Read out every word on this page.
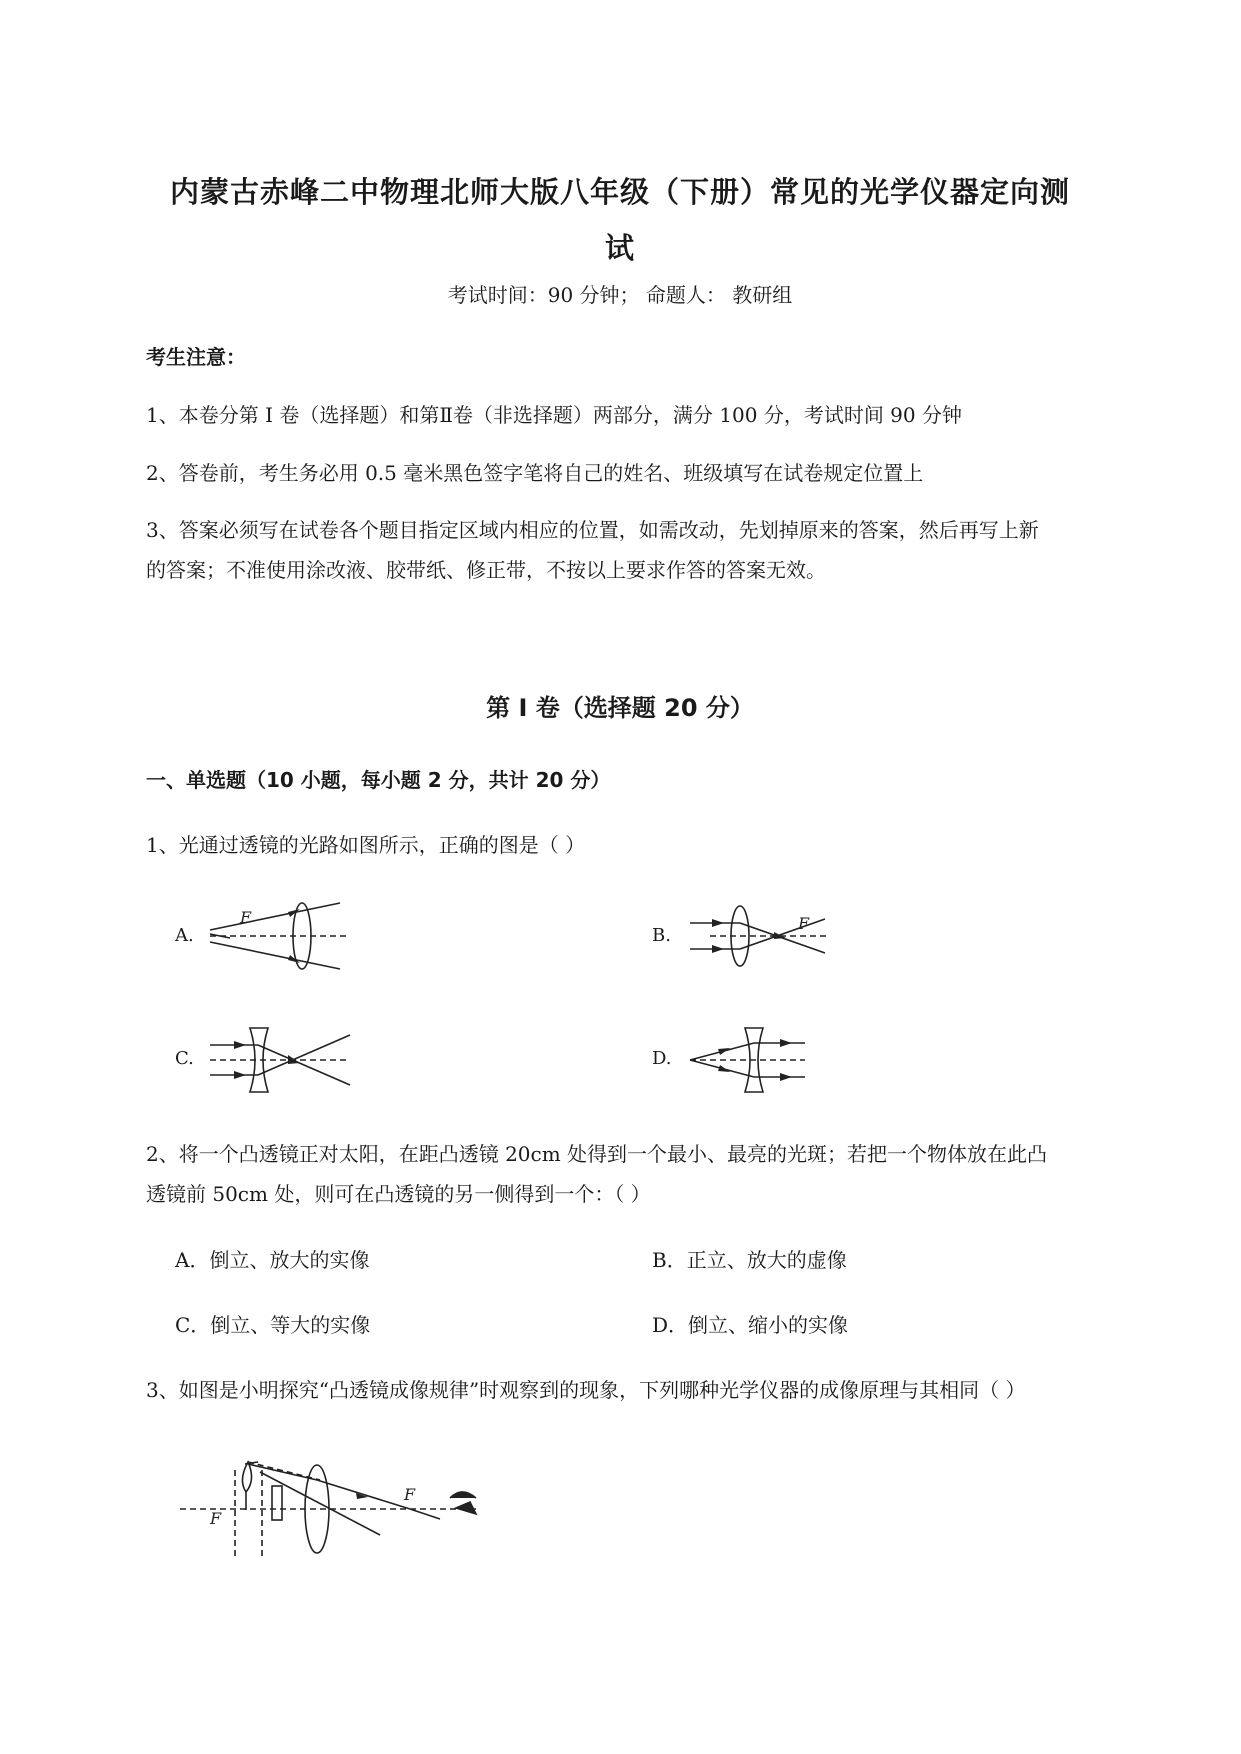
内蒙古赤峰二中物理北师大版八年级（下册）常见的光学仪器定向测
试
考试时间：90 分钟； 命题人： 教研组
考生注意：
1、本卷分第 I 卷（选择题）和第Ⅱ卷（非选择题）两部分，满分 100 分，考试时间 90 分钟
2、答卷前，考生务必用 0.5 毫米黑色签字笔将自己的姓名、班级填写在试卷规定位置上
3、答案必须写在试卷各个题目指定区域内相应的位置，如需改动，先划掉原来的答案，然后再写上新
的答案；不准使用涂改液、胶带纸、修正带，不按以上要求作答的答案无效。
第 I 卷（选择题 20 分）
一、单选题（10 小题，每小题 2 分，共计 20 分）
1、光通过透镜的光路如图所示，正确的图是（ ）
A.
F
B.
F
C.	D.
2、将一个凸透镜正对太阳，在距凸透镜 20cm 处得到一个最小、最亮的光斑；若把一个物体放在此凸
透镜前 50cm 处，则可在凸透镜的另一侧得到一个：（ ）
A．倒立、放大的实像	B．正立、放大的虚像
C．倒立、等大的实像	D．倒立、缩小的实像
3、如图是小明探究“凸透镜成像规律”时观察到的现象，下列哪种光学仪器的成像原理与其相同（ ）
F
F
